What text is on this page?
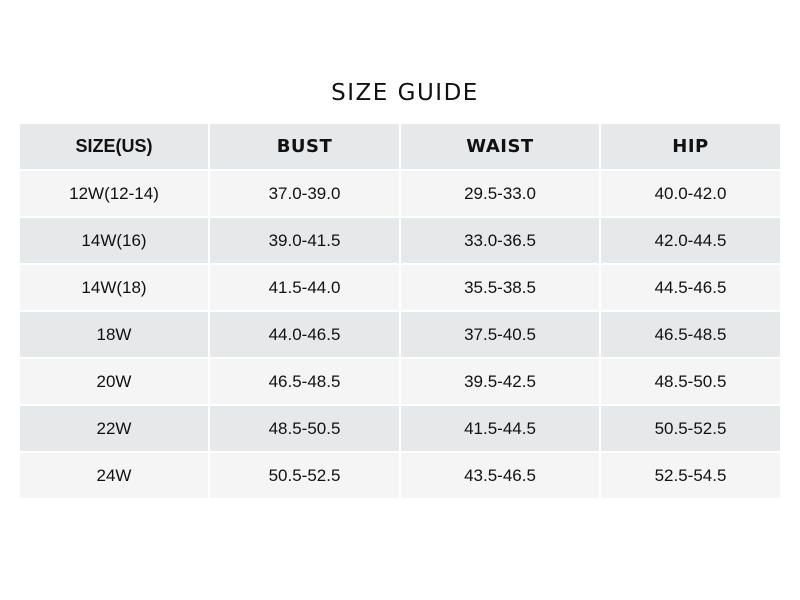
SIZE GUIDE
SIZE(US)	BUST	WAIST	HIP
12W(12-14)	37.0-39.0	29.5-33.0	40.0-42.0
14W(16)	39.0-41.5	33.0-36.5	42.0-44.5
14W(18)	41.5-44.0	35.5-38.5	44.5-46.5
18W	44.0-46.5	37.5-40.5	46.5-48.5
20W	46.5-48.5	39.5-42.5	48.5-50.5
22W	48.5-50.5	41.5-44.5	50.5-52.5
24W	50.5-52.5	43.5-46.5	52.5-54.5
